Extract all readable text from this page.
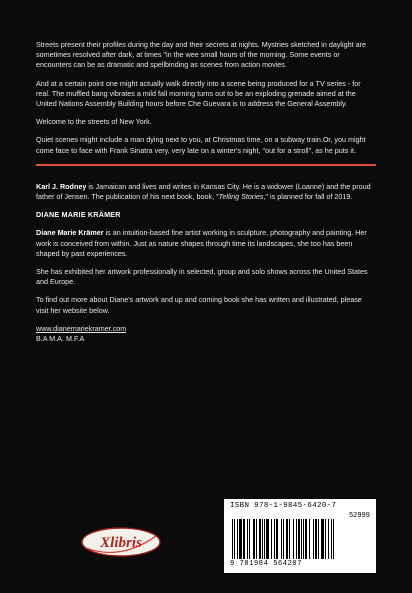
Streets present their profiles during the day and their secrets at nights. Mystries sketched in daylight are sometimes resolved after dark, at times "in the wee small hours of the morning. Some events or encounters can be as dramatic and spellbinding as scenes from action movies.

And at a certain point one might actually walk directly into a scene being produced for a TV series - for real. The muffled bang vibrates a mild fall morning turns out to be an exploding grenade aimed at the United Nations Assembly Building hours before Che Guevara is to address the General Assembly.

Welcome to the streets of New York.

Quiet scenes might include a man dying next to you, at Christmas time, on a subway train.Or, you might come face to face with Frank Sinatra very, very late on a winter's night, "out for a stroll", as he puts it.

Karl J. Rodney is Jamaican and lives and writes in Kansas City. He is a widower (Loanne) and the proud father of Jensen. The publication of his next book, book, "Telling Stories," is planned for fall of 2019.

DIANE MARIE KRÄMER

Diane Marie Krämer is an intuition-based fine artist working in sculpture, photography and painting. Her work is conceived from within. Just as nature shapes through time its landscapes, she too has been shaped by past experiences.

She has exhibited her artwork professionally in selected, group and solo shows across the United States and Europe.

To find out more about Diane's artwork and up and coming book she has written and illustrated, please visit her website below.

www.dianemariekramer.com

B.A M.A. M.F.A

Xlibris
ISBN 978-1-9845-6420-7
52999
9 781984 564207
